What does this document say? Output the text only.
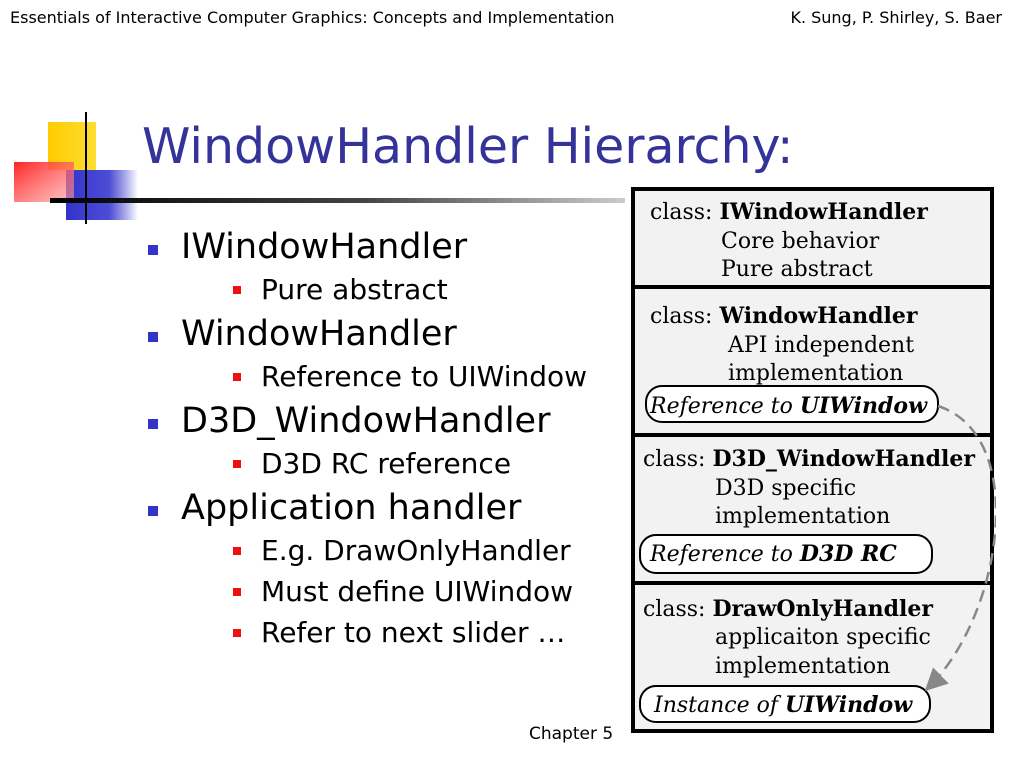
Essentials of Interactive Computer Graphics: Concepts and Implementation	K. Sung, P. Shirley, S. Baer
WindowHandler Hierarchy:
IWindowHandler
Pure abstract
WindowHandler
Reference to UIWindow
D3D_WindowHandler
D3D RC reference
Application handler
E.g. DrawOnlyHandler
Must define UIWindow
Refer to next slider …
class: IWindowHandler
Core behavior
Pure abstract
class: WindowHandler
API independent
implementation
Reference to UIWindow
class: D3D_WindowHandler
D3D specific
implementation
Reference to D3D RC
class: DrawOnlyHandler
applicaiton specific
implementation
Instance of UIWindow
Chapter 5
